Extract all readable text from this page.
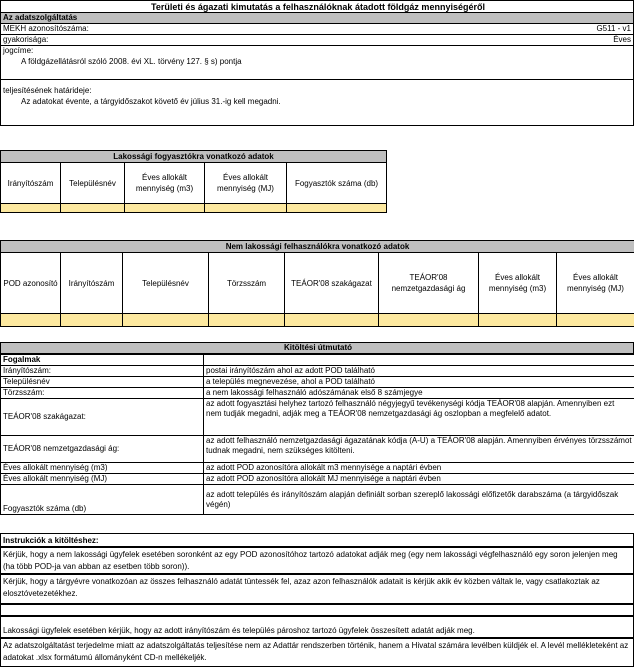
Területi és ágazati kimutatás a felhasználóknak átadott földgáz mennyiségéről
Az adatszolgáltatás
MEKH azonosítószáma:	G511 - v1
gyakorisága:	Éves
jogcíme:
A földgázellátásról szóló 2008. évi XL. törvény 127. § s) pontja
teljesítésének határideje:
Az adatokat évente, a tárgyidőszakot követő év július 31.-ig kell megadni.
Lakossági fogyasztókra vonatkozó adatok				
Irányítószám	Településnév	Éves allokált mennyiség (m3)	Éves allokált mennyiség (MJ)	Fogyasztók száma (db)

Nem lakossági felhasználókra vonatkozó adatok							
POD azonosító	Irányítószám	Településnév	Törzsszám	TEÁOR'08 szakágazat	TEÁOR'08 nemzetgazdasági ág	Éves allokált mennyiség (m3)	Éves allokált mennyiség (MJ)

Kitöltési útmutató
Fogalmak	
Irányítószám:	postai irányítószám ahol az adott POD található
Településnév	a település megnevezése, ahol a POD található
Törzsszám:	a nem lakossági felhasználó adószámának első 8 számjegye
TEÁOR'08 szakágazat:	az adott fogyasztási helyhez tartozó felhasználó négyjegyű tevékenységi kódja TEÁOR'08 alapján. Amennyiben ezt nem tudják megadni, adják meg a TEÁOR'08 nemzetgazdasági ág oszlopban a megfelelő adatot.
TEÁOR'08 nemzetgazdasági ág:	az adott felhasználó nemzetgazdasági ágazatának kódja (A-U) a TEÁOR'08 alapján. Amennyiben érvényes törzsszámot tudnak megadni, nem szükséges kitölteni.
Éves allokált mennyiség (m3)	az adott POD azonosítóra allokált m3 mennyisége a naptári évben
Éves allokált mennyiség (MJ)	az adott POD azonosítóra allokált MJ mennyisége a naptári évben
Fogyasztók száma (db)	az adott település és irányítószám alapján definiált sorban szereplő lakossági előfizetők darabszáma (a tárgyidőszak végén)
Instrukciók a kitöltéshez:
Kérjük, hogy a nem lakossági ügyfelek esetében soronként az egy POD azonosítóhoz tartozó adatokat adják meg (egy nem lakossági végfelhasználó egy soron jelenjen meg (ha több POD-ja van abban az esetben több soron)).
Kérjük, hogy a tárgyévre vonatkozóan az összes felhasználó adatát tüntessék fel, azaz azon felhasználók adatait is kérjük akik év közben váltak le, vagy csatlakoztak az elosztóvetezetékhez.
Lakossági ügyfelek esetében kérjük, hogy az adott irányítószám és település pároshoz tartozó ügyfelek összesített adatát adják meg.
Az adatszolgáltatást terjedelme miatt az adatszolgáltatás teljesítése nem az Adattár rendszerben történik, hanem a Hivatal számára levélben küldjék el. A levél mellékleteként az adatokat .xlsx formátumú állományként CD-n mellékeljék.
